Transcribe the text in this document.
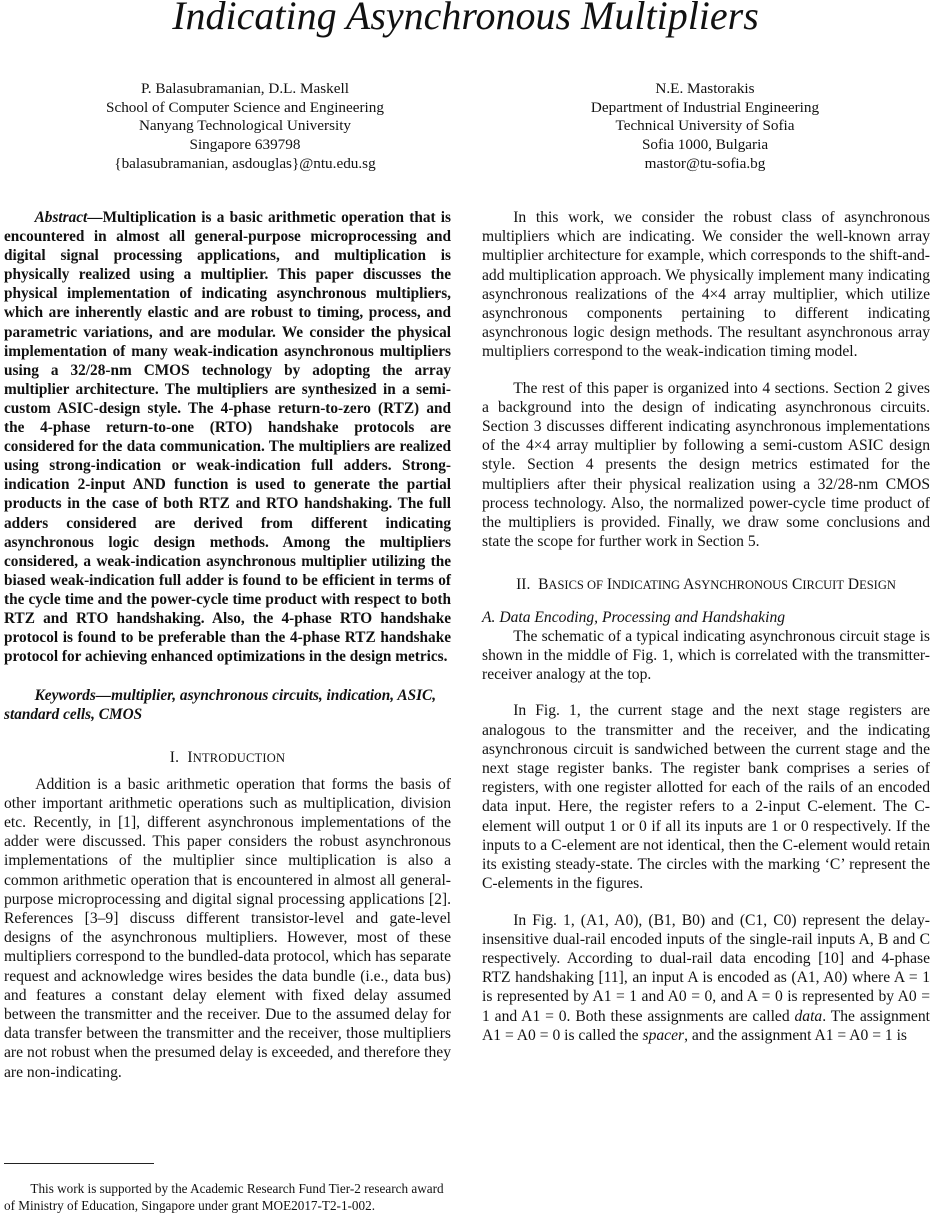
Indicating Asynchronous Multipliers
P. Balasubramanian, D.L. Maskell
School of Computer Science and Engineering
Nanyang Technological University
Singapore 639798
{balasubramanian, asdouglas}@ntu.edu.sg
N.E. Mastorakis
Department of Industrial Engineering
Technical University of Sofia
Sofia 1000, Bulgaria
mastor@tu-sofia.bg

Abstract—Multiplication is a basic arithmetic operation that is encountered in almost all general-purpose microprocessing and digital signal processing applications, and multiplication is physically realized using a multiplier. This paper discusses the physical implementation of indicating asynchronous multipliers, which are inherently elastic and are robust to timing, process, and parametric variations, and are modular. We consider the physical implementation of many weak-indication asynchronous multipliers using a 32/28-nm CMOS technology by adopting the array multiplier architecture. The multipliers are synthesized in a semi-custom ASIC-design style. The 4-phase return-to-zero (RTZ) and the 4-phase return-to-one (RTO) handshake protocols are considered for the data communication. The multipliers are realized using strong-indication or weak-indication full adders. Strong-indication 2-input AND function is used to generate the partial products in the case of both RTZ and RTO handshaking. The full adders considered are derived from different indicating asynchronous logic design methods. Among the multipliers considered, a weak-indication asynchronous multiplier utilizing the biased weak-indication full adder is found to be efficient in terms of the cycle time and the power-cycle time product with respect to both RTZ and RTO handshaking. Also, the 4-phase RTO handshake protocol is found to be preferable than the 4-phase RTZ handshake protocol for achieving enhanced optimizations in the design metrics.

Keywords—multiplier, asynchronous circuits, indication, ASIC, standard cells, CMOS

I. INTRODUCTION

Addition is a basic arithmetic operation that forms the basis of other important arithmetic operations such as multiplication, division etc. Recently, in [1], different asynchronous implementations of the adder were discussed. This paper considers the robust asynchronous implementations of the multiplier since multiplication is also a common arithmetic operation that is encountered in almost all general-purpose microprocessing and digital signal processing applications [2]. References [3–9] discuss different transistor-level and gate-level designs of the asynchronous multipliers. However, most of these multipliers correspond to the bundled-data protocol, which has separate request and acknowledge wires besides the data bundle (i.e., data bus) and features a constant delay element with fixed delay assumed between the transmitter and the receiver. Due to the assumed delay for data transfer between the transmitter and the receiver, those multipliers are not robust when the presumed delay is exceeded, and therefore they are non-indicating.

In this work, we consider the robust class of asynchronous multipliers which are indicating. We consider the well-known array multiplier architecture for example, which corresponds to the shift-and-add multiplication approach. We physically implement many indicating asynchronous realizations of the 4×4 array multiplier, which utilize asynchronous components pertaining to different indicating asynchronous logic design methods. The resultant asynchronous array multipliers correspond to the weak-indication timing model.

The rest of this paper is organized into 4 sections. Section 2 gives a background into the design of indicating asynchronous circuits. Section 3 discusses different indicating asynchronous implementations of the 4×4 array multiplier by following a semi-custom ASIC design style. Section 4 presents the design metrics estimated for the multipliers after their physical realization using a 32/28-nm CMOS process technology. Also, the normalized power-cycle time product of the multipliers is provided. Finally, we draw some conclusions and state the scope for further work in Section 5.

II. BASICS OF INDICATING ASYNCHRONOUS CIRCUIT DESIGN

A. Data Encoding, Processing and Handshaking

The schematic of a typical indicating asynchronous circuit stage is shown in the middle of Fig. 1, which is correlated with the transmitter-receiver analogy at the top.

In Fig. 1, the current stage and the next stage registers are analogous to the transmitter and the receiver, and the indicating asynchronous circuit is sandwiched between the current stage and the next stage register banks. The register bank comprises a series of registers, with one register allotted for each of the rails of an encoded data input. Here, the register refers to a 2-input C-element. The C-element will output 1 or 0 if all its inputs are 1 or 0 respectively. If the inputs to a C-element are not identical, then the C-element would retain its existing steady-state. The circles with the marking ‘C’ represent the C-elements in the figures.

In Fig. 1, (A1, A0), (B1, B0) and (C1, C0) represent the delay-insensitive dual-rail encoded inputs of the single-rail inputs A, B and C respectively. According to dual-rail data encoding [10] and 4-phase RTZ handshaking [11], an input A is encoded as (A1, A0) where A = 1 is represented by A1 = 1 and A0 = 0, and A = 0 is represented by A0 = 1 and A1 = 0. Both these assignments are called data. The assignment A1 = A0 = 0 is called the spacer, and the assignment A1 = A0 = 1 is

This work is supported by the Academic Research Fund Tier-2 research award of Ministry of Education, Singapore under grant MOE2017-T2-1-002.
